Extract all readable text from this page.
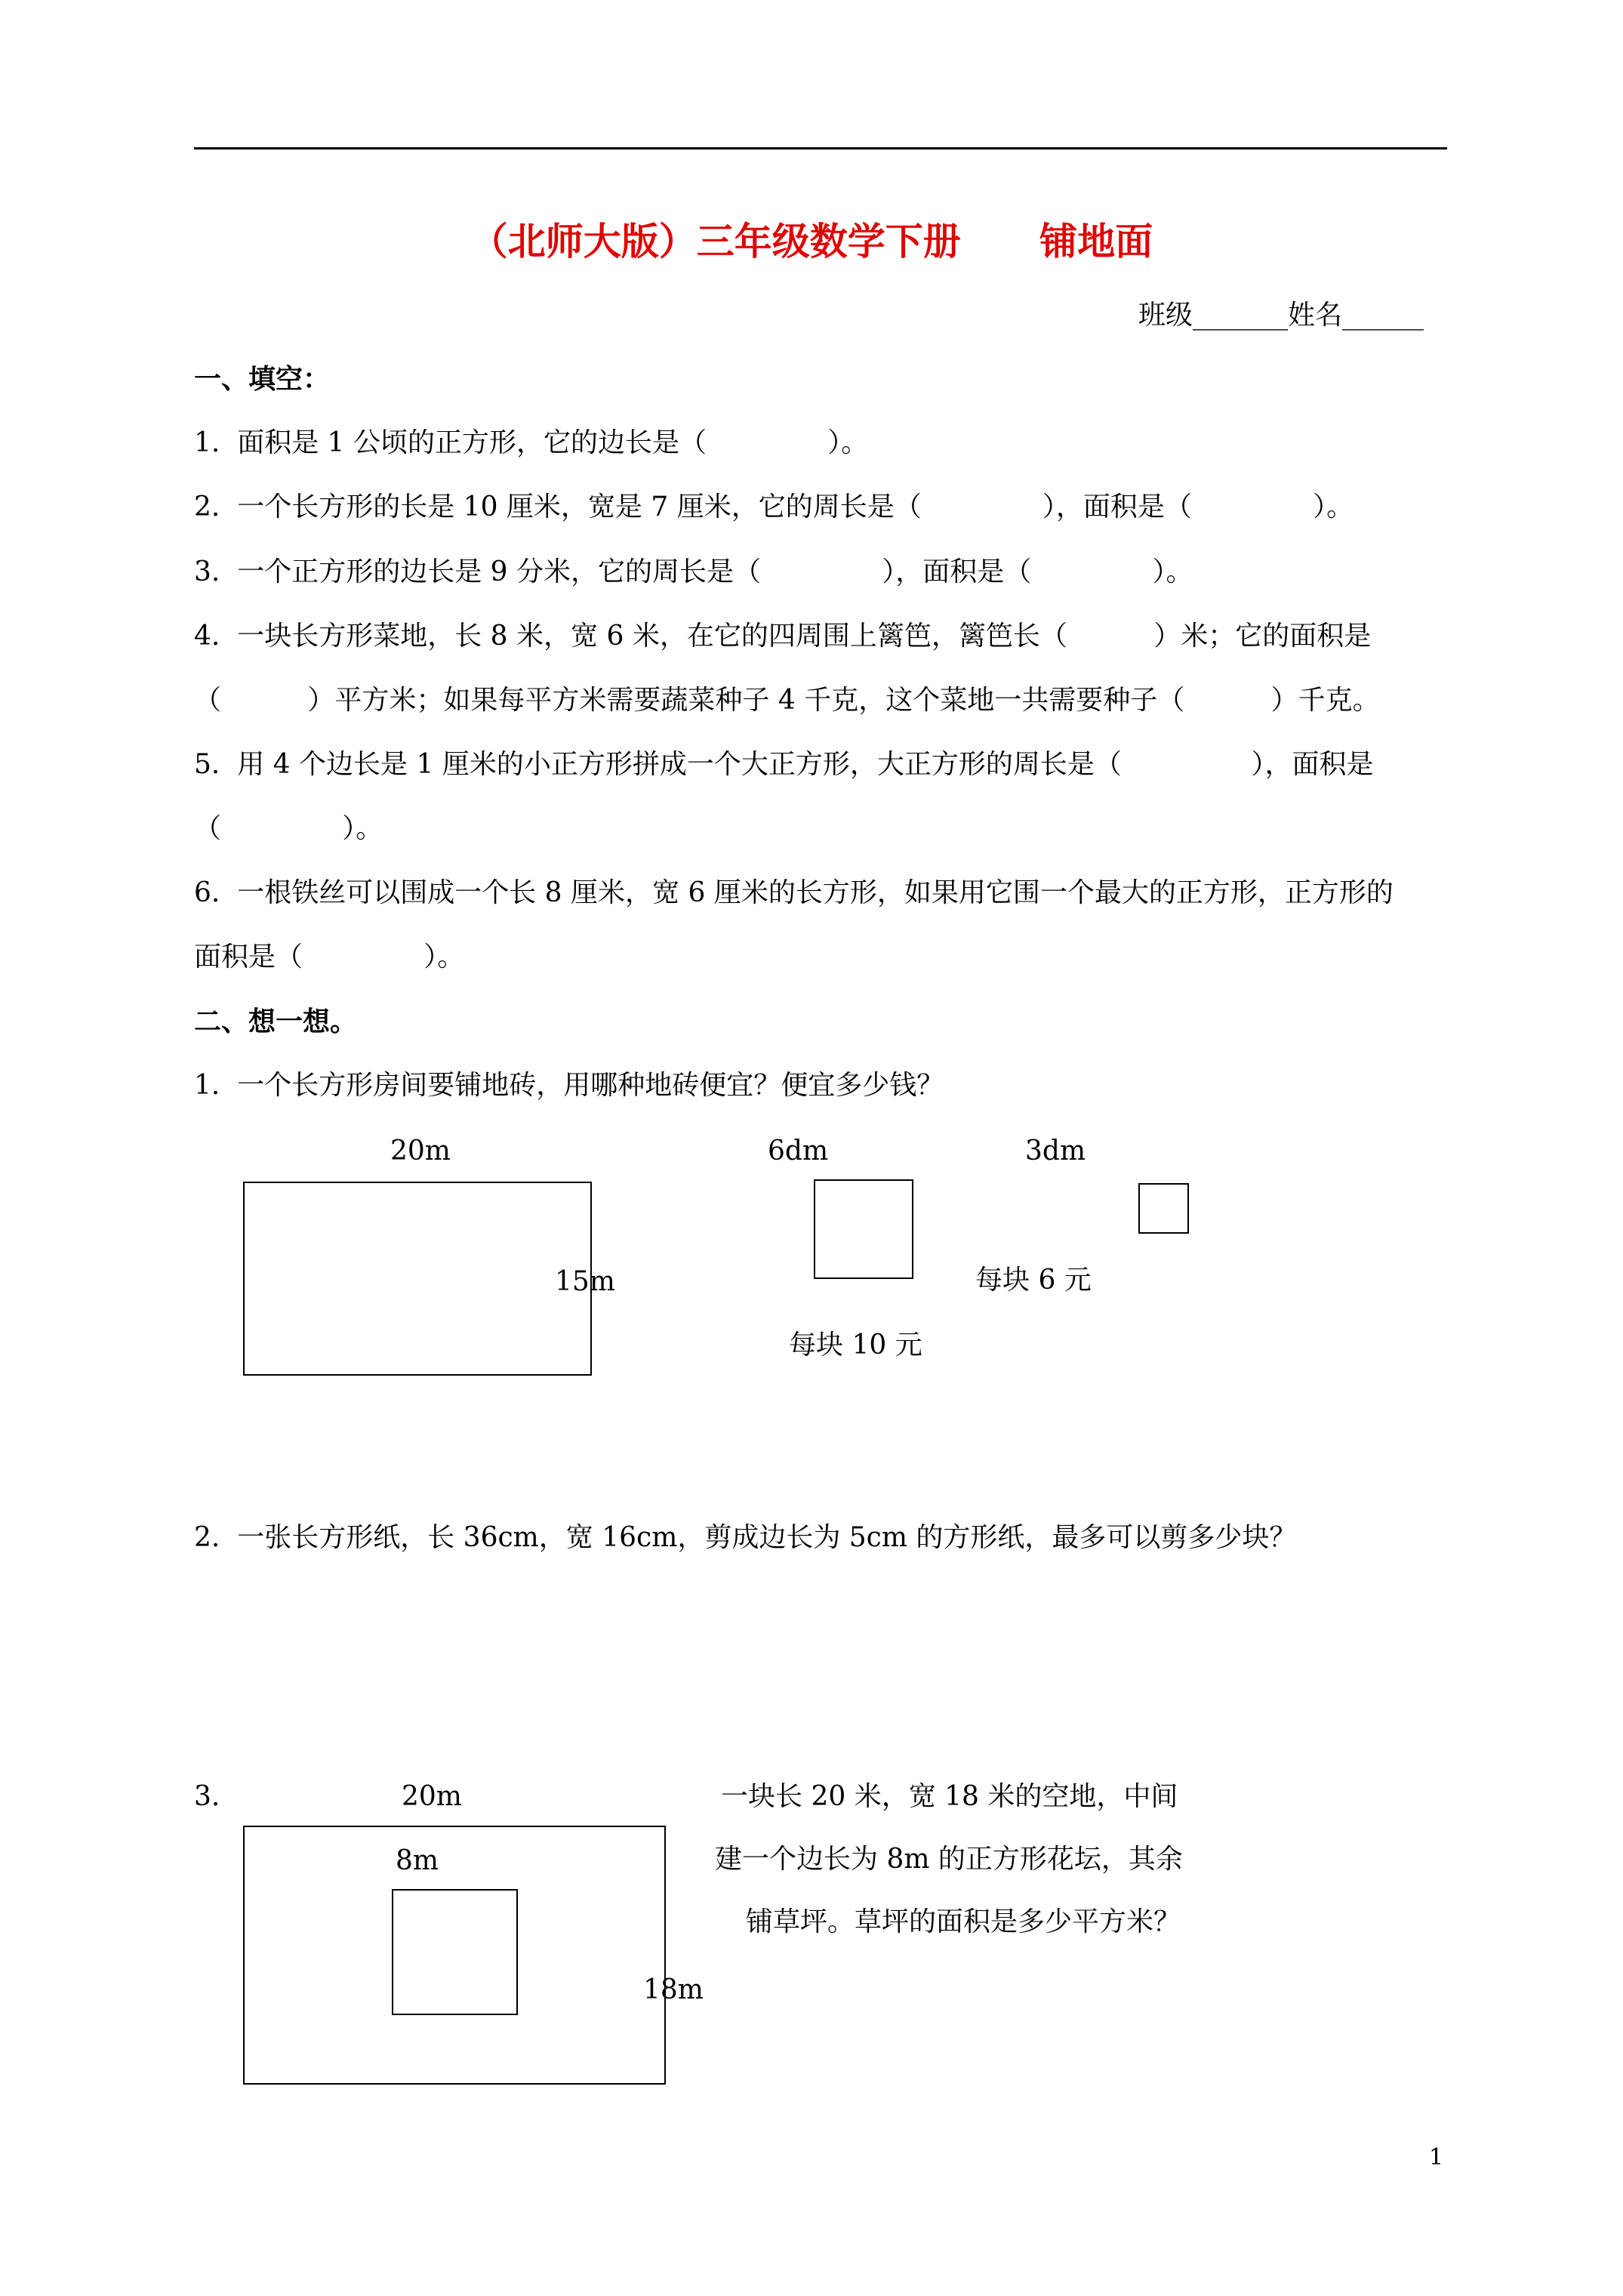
（北师大版）三年级数学下册      铺地面
班级_______姓名______
一、填空：
1.  面积是 1 公顷的正方形，它的边长是（              ）。
2.  一个长方形的长是 10 厘米，宽是 7 厘米，它的周长是（              ），面积是（              ）。
3.  一个正方形的边长是 9 分米，它的周长是（              ），面积是（              ）。
4.  一块长方形菜地，长 8 米，宽 6 米，在它的四周围上篱笆，篱笆长（          ）米；它的面积是
（          ）平方米；如果每平方米需要蔬菜种子 4 千克，这个菜地一共需要种子（          ）千克。
5.  用 4 个边长是 1 厘米的小正方形拼成一个大正方形，大正方形的周长是（               ），面积是
（              ）。
6.  一根铁丝可以围成一个长 8 厘米，宽 6 厘米的长方形，如果用它围一个最大的正方形，正方形的
面积是（              ）。
二、想一想。
1.  一个长方形房间要铺地砖，用哪种地砖便宜？便宜多少钱？
20m
15m
6dm
每块 10 元
3dm
每块 6 元
2.  一张长方形纸，长 36cm，宽 16cm，剪成边长为 5cm 的方形纸，最多可以剪多少块？
3.	20m
8m
18m
一块长 20 米，宽 18 米的空地，中间
建一个边长为 8m 的正方形花坛，其余
铺草坪。草坪的面积是多少平方米？
1
